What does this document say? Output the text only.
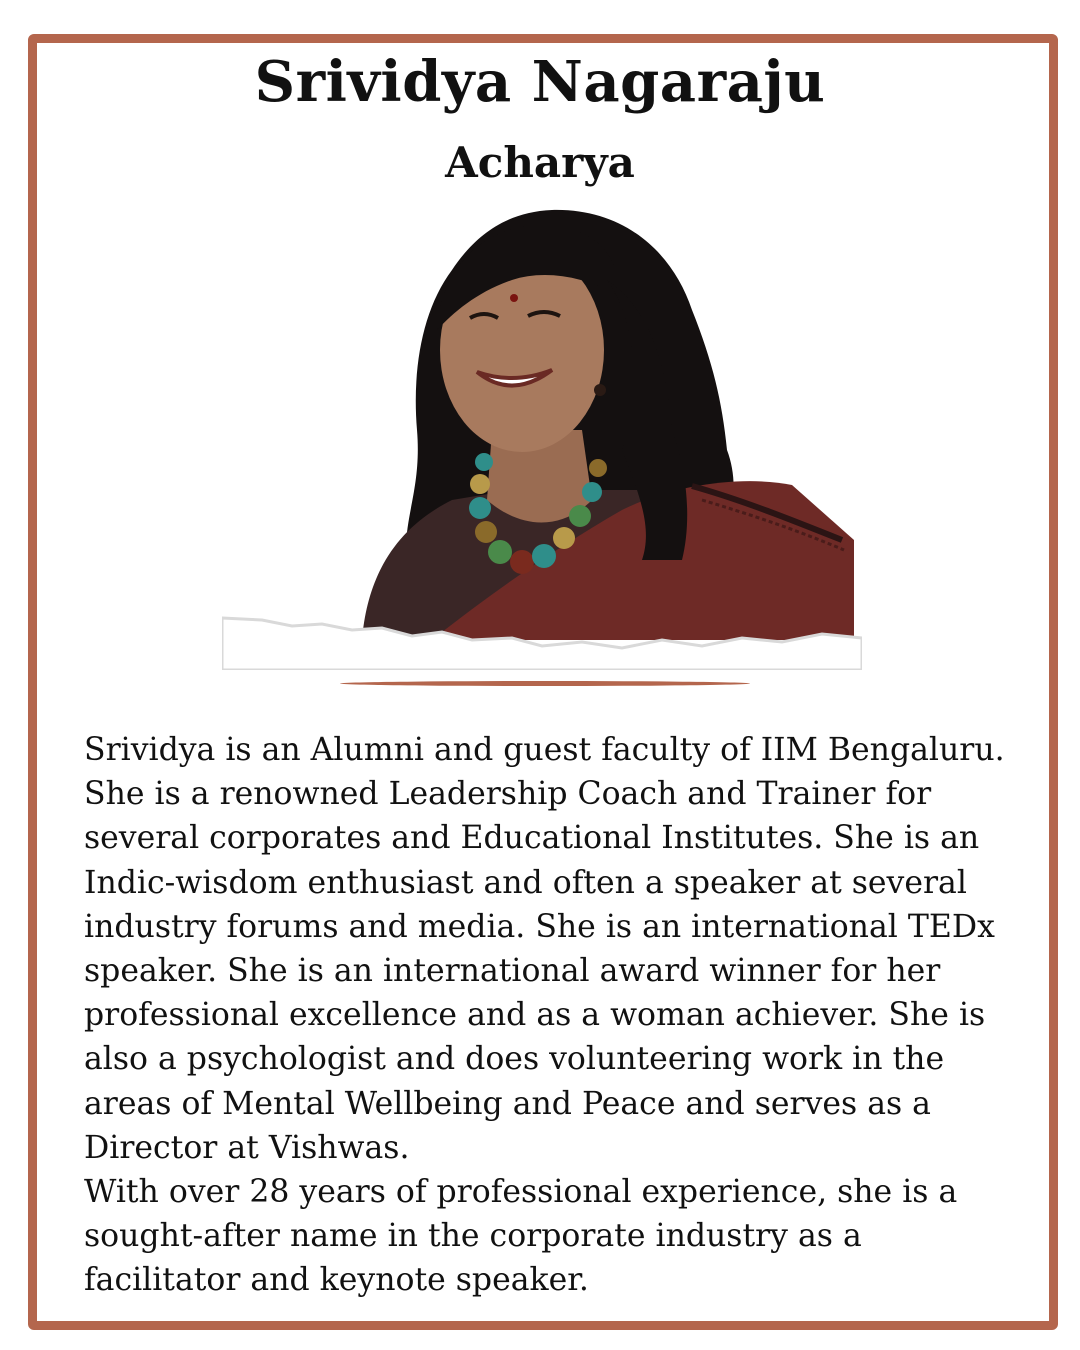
Srividya Nagaraju
Acharya

Srividya is an Alumni and guest faculty of IIM Bengaluru. She is a renowned Leadership Coach and Trainer for several corporates and Educational Institutes. She is an Indic-wisdom enthusiast and often a speaker at several industry forums and media. She is an international TEDx speaker. She is an international award winner for her professional excellence and as a woman achiever. She is also a psychologist and does volunteering work in the areas of Mental Wellbeing and Peace and serves as a Director at Vishwas.

With over 28 years of professional experience, she is a sought-after name in the corporate industry as a facilitator and keynote speaker.
